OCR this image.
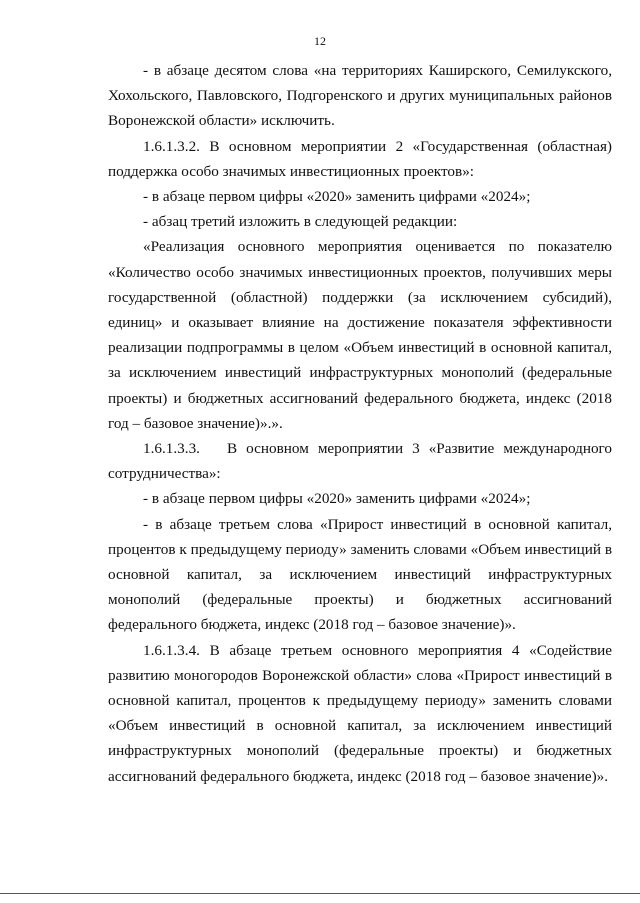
12

- в абзаце десятом слова «на территориях Каширского, Семилукского, Хохольского, Павловского, Подгоренского и других муниципальных районов Воронежской области» исключить.

1.6.1.3.2. В основном мероприятии 2 «Государственная (областная) поддержка особо значимых инвестиционных проектов»:

- в абзаце первом цифры «2020» заменить цифрами «2024»;

- абзац третий изложить в следующей редакции:

«Реализация основного мероприятия оценивается по показателю «Количество особо значимых инвестиционных проектов, получивших меры государственной (областной) поддержки (за исключением субсидий), единиц» и оказывает влияние на достижение показателя эффективности реализации подпрограммы в целом «Объем инвестиций в основной капитал, за исключением инвестиций инфраструктурных монополий (федеральные проекты) и бюджетных ассигнований федерального бюджета, индекс (2018 год – базовое значение)».».

1.6.1.3.3.   В основном мероприятии 3 «Развитие международного сотрудничества»:

- в абзаце первом цифры «2020» заменить цифрами «2024»;

- в абзаце третьем слова «Прирост инвестиций в основной капитал, процентов к предыдущему периоду» заменить словами «Объем инвестиций в основной капитал, за исключением инвестиций инфраструктурных монополий (федеральные проекты) и бюджетных ассигнований федерального бюджета, индекс (2018 год – базовое значение)».

1.6.1.3.4. В абзаце третьем основного мероприятия 4 «Содействие развитию моногородов Воронежской области» слова «Прирост инвестиций в основной капитал, процентов к предыдущему периоду» заменить словами «Объем инвестиций в основной капитал, за исключением инвестиций инфраструктурных монополий (федеральные проекты) и бюджетных ассигнований федерального бюджета, индекс (2018 год – базовое значение)».
